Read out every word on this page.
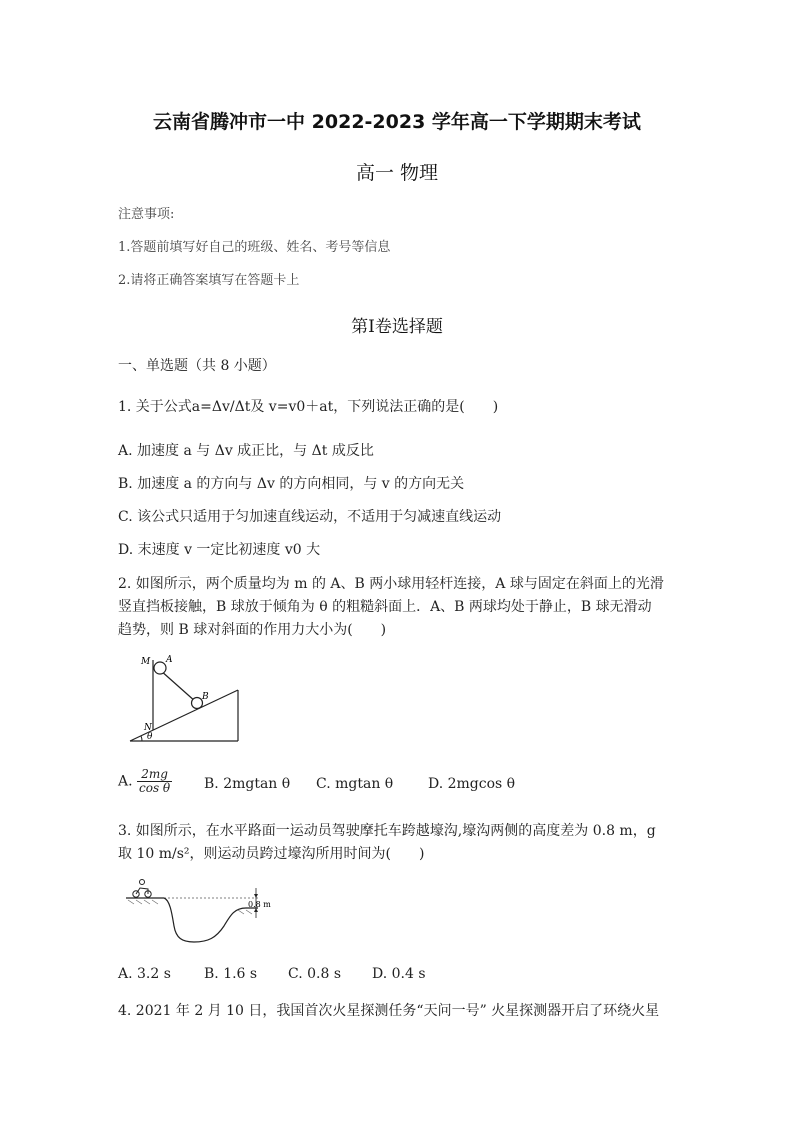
云南省腾冲市一中 2022-2023 学年高一下学期期末考试
高一 物理
注意事项:
1.答题前填写好自己的班级、姓名、考号等信息
2.请将正确答案填写在答题卡上
第Ⅰ卷选择题
一、单选题（共 8 小题）
1. 关于公式a=Δv/Δt及 v=v0＋at，下列说法正确的是(　　)
A. 加速度 a 与 Δv 成正比，与 Δt 成反比
B. 加速度 a 的方向与 Δv 的方向相同，与 v 的方向无关
C. 该公式只适用于匀加速直线运动，不适用于匀减速直线运动
D. 末速度 v 一定比初速度 v0 大
2. 如图所示，两个质量均为 m 的 A、B 两小球用轻杆连接，A 球与固定在斜面上的光滑
竖直挡板接触，B 球放于倾角为 θ 的粗糙斜面上．A、B 两球均处于静止，B 球无滑动
趋势，则 B 球对斜面的作用力大小为(　　)
M A
B
N
θ
A. $\frac{2mg}{\text{cos θ}} B$. 2mgtan θ C. mgtan θ D. 2mgcos θ
3. 如图所示，在水平路面一运动员驾驶摩托车跨越壕沟,壕沟两侧的高度差为 0.8 m，g
取 10 m/s²，则运动员跨过壕沟所用时间为(　　)
0.8 m
A. 3.2 s B. 1.6 s C. 0.8 s D. 0.4 s
4. 2021 年 2 月 10 日，我国首次火星探测任务“天问一号” 火星探测器开启了环绕火星
